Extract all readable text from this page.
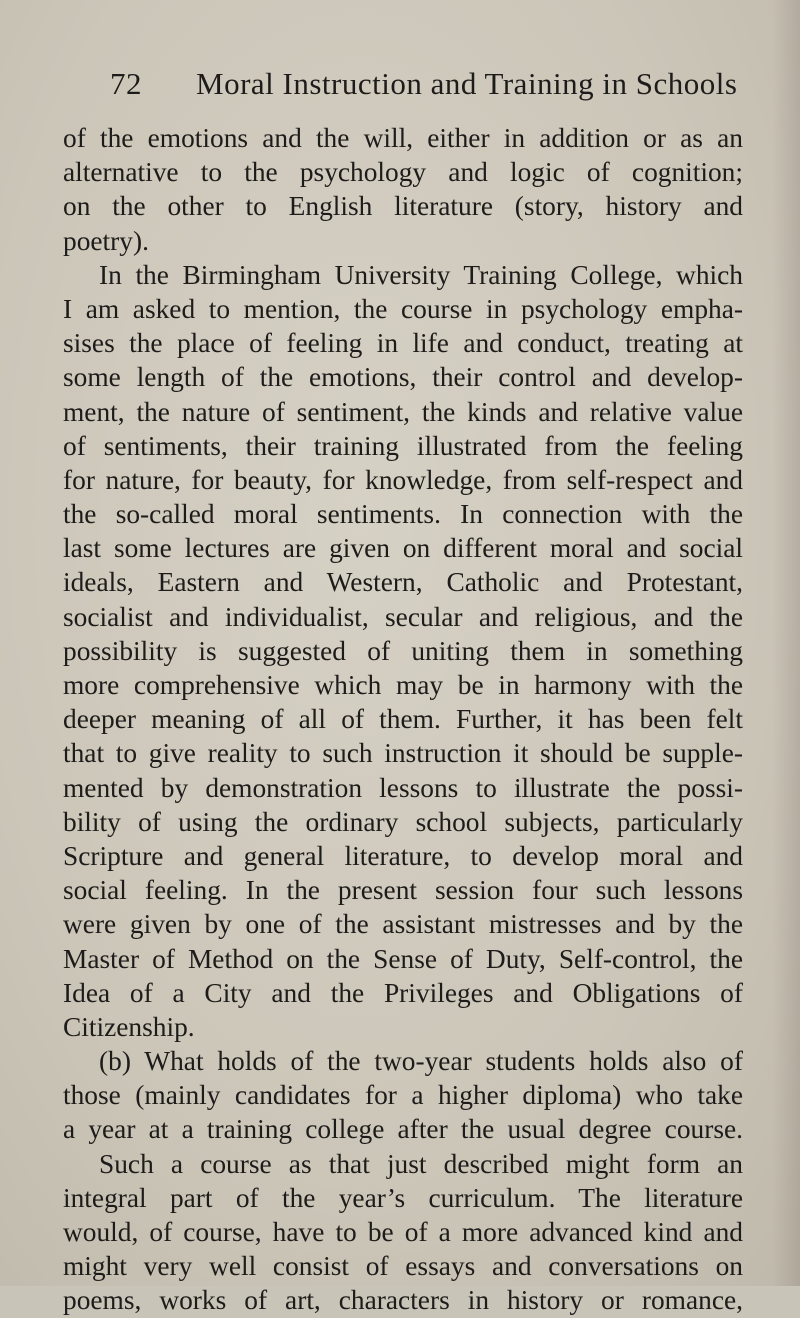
72 Moral Instruction and Training in Schools
of the emotions and the will, either in addition or as an
alternative to the psychology and logic of cognition;
on the other to English literature (story, history and
poetry).
In the Birmingham University Training College, which
I am asked to mention, the course in psychology empha-
sises the place of feeling in life and conduct, treating at
some length of the emotions, their control and develop-
ment, the nature of sentiment, the kinds and relative value
of sentiments, their training illustrated from the feeling
for nature, for beauty, for knowledge, from self-respect and
the so-called moral sentiments. In connection with the
last some lectures are given on different moral and social
ideals, Eastern and Western, Catholic and Protestant,
socialist and individualist, secular and religious, and the
possibility is suggested of uniting them in something
more comprehensive which may be in harmony with the
deeper meaning of all of them. Further, it has been felt
that to give reality to such instruction it should be supple-
mented by demonstration lessons to illustrate the possi-
bility of using the ordinary school subjects, particularly
Scripture and general literature, to develop moral and
social feeling. In the present session four such lessons
were given by one of the assistant mistresses and by the
Master of Method on the Sense of Duty, Self-control, the
Idea of a City and the Privileges and Obligations of
Citizenship.
(b) What holds of the two-year students holds also of
those (mainly candidates for a higher diploma) who take
a year at a training college after the usual degree course.
Such a course as that just described might form an
integral part of the year’s curriculum. The literature
would, of course, have to be of a more advanced kind and
might very well consist of essays and conversations on
poems, works of art, characters in history or romance,
